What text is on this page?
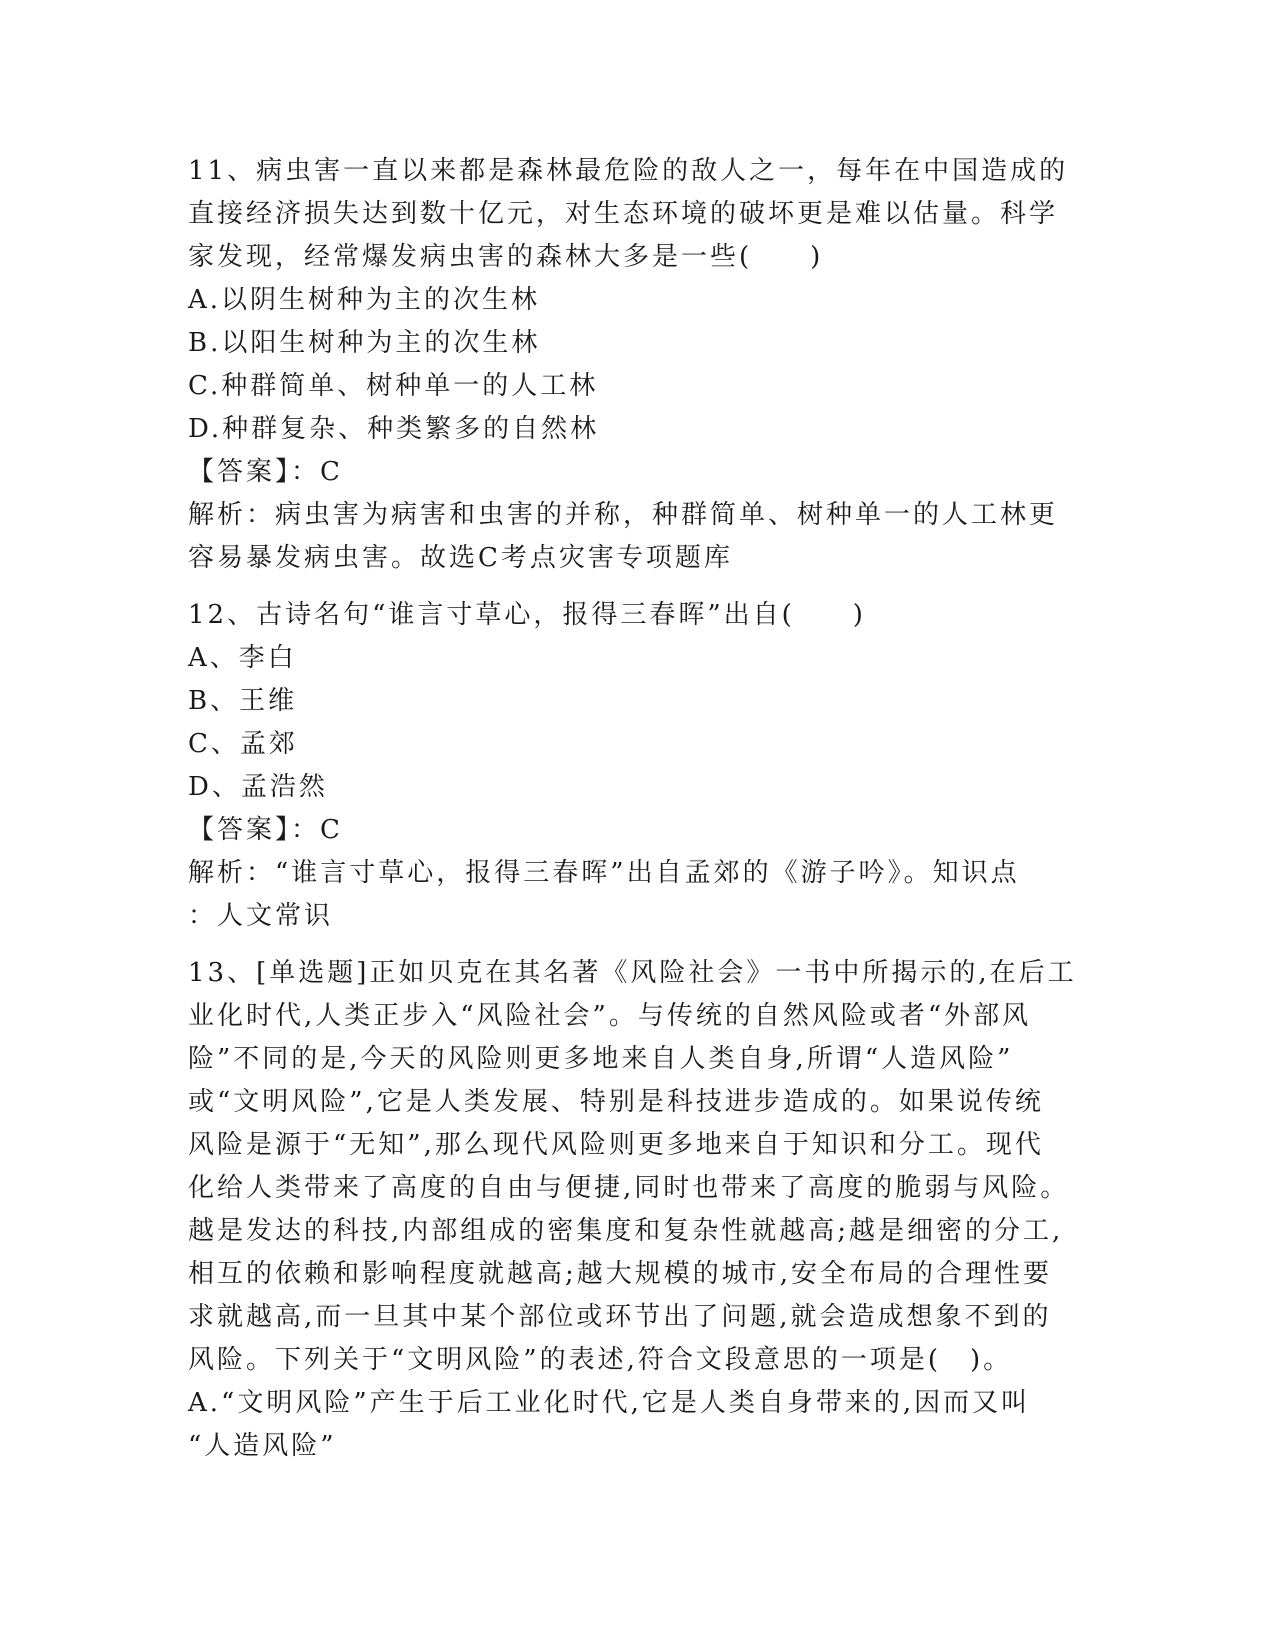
11、病虫害一直以来都是森林最危险的敌人之一，每年在中国造成的
直接经济损失达到数十亿元，对生态环境的破坏更是难以估量。科学
家发现，经常爆发病虫害的森林大多是一些(　　)
A.以阴生树种为主的次生林
B.以阳生树种为主的次生林
C.种群简单、树种单一的人工林
D.种群复杂、种类繁多的自然林
【答案】：C
解析：病虫害为病害和虫害的并称，种群简单、树种单一的人工林更
容易暴发病虫害。故选C考点灾害专项题库
12、古诗名句“谁言寸草心，报得三春晖”出自(　　)
A、李白
B、王维
C、孟郊
D、孟浩然
【答案】：C
解析：“谁言寸草心，报得三春晖”出自孟郊的《游子吟》。知识点
：人文常识
13、[单选题]正如贝克在其名著《风险社会》一书中所揭示的,在后工
业化时代,人类正步入“风险社会”。与传统的自然风险或者“外部风
险”不同的是,今天的风险则更多地来自人类自身,所谓“人造风险”
或“文明风险”,它是人类发展、特别是科技进步造成的。如果说传统
风险是源于“无知”,那么现代风险则更多地来自于知识和分工。现代
化给人类带来了高度的自由与便捷,同时也带来了高度的脆弱与风险。
越是发达的科技,内部组成的密集度和复杂性就越高;越是细密的分工,
相互的依赖和影响程度就越高;越大规模的城市,安全布局的合理性要
求就越高,而一旦其中某个部位或环节出了问题,就会造成想象不到的
风险。下列关于“文明风险”的表述,符合文段意思的一项是(　)。
A.“文明风险”产生于后工业化时代,它是人类自身带来的,因而又叫
“人造风险”
